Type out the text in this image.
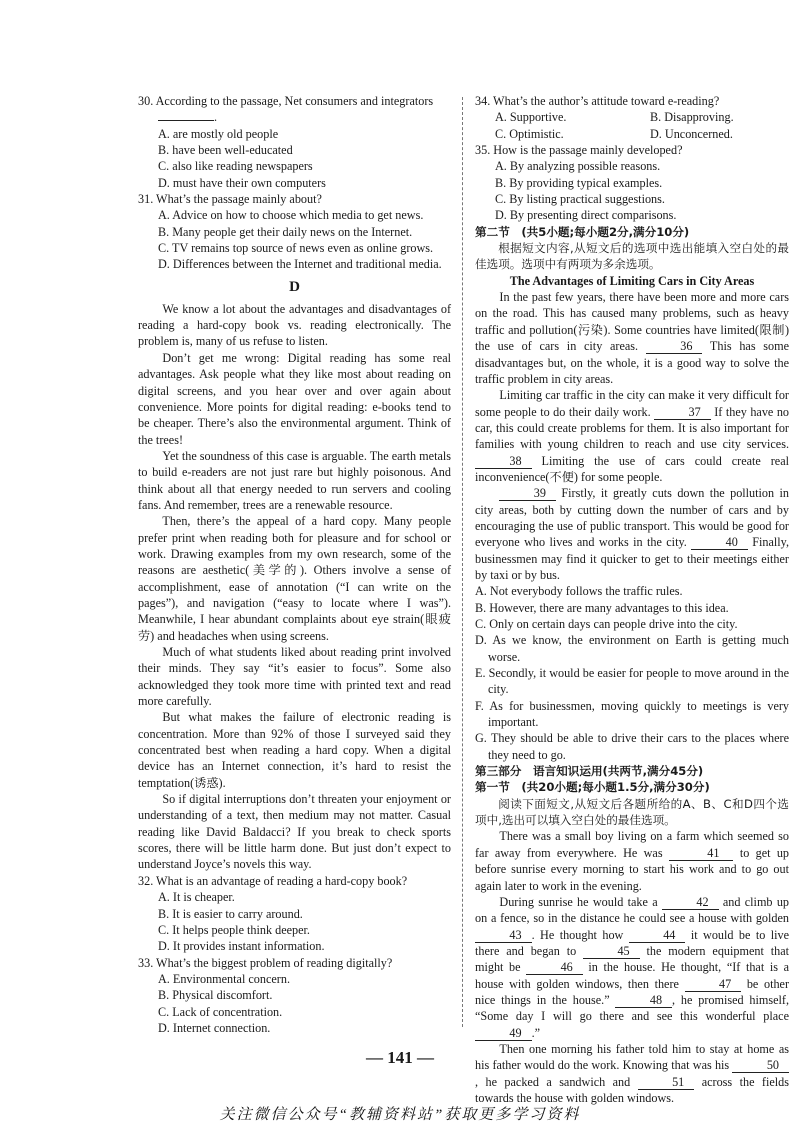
30. According to the passage, Net consumers and integrators

.

A. are mostly old people

B. have been well-educated

C. also like reading newspapers

D. must have their own computers

31. What’s the passage mainly about?

A. Advice on how to choose which media to get news.

B. Many people get their daily news on the Internet.

C. TV remains top source of news even as online grows.

D. Differences between the Internet and traditional media.

D

We know a lot about the advantages and disadvantages of reading a hard-copy book vs. reading electronically. The problem is, many of us refuse to listen.

Don’t get me wrong: Digital reading has some real advantages. Ask people what they like most about reading on digital screens, and you hear over and over again about convenience. More points for digital reading: e-books tend to be cheaper. There’s also the environmental argument. Think of the trees!

Yet the soundness of this case is arguable. The earth metals to build e-readers are not just rare but highly poisonous. And think about all that energy needed to run servers and cooling fans. And remember, trees are a renewable resource.

Then, there’s the appeal of a hard copy. Many people prefer print when reading both for pleasure and for school or work. Drawing examples from my own research, some of the reasons are aesthetic(美学的). Others involve a sense of accomplishment, ease of annotation (“I can write on the pages”), and navigation (“easy to locate where I was”). Meanwhile, I hear abundant complaints about eye strain(眼疲劳) and headaches when using screens.

Much of what students liked about reading print involved their minds. They say “it’s easier to focus”. Some also acknowledged they took more time with printed text and read more carefully.

But what makes the failure of electronic reading is concentration. More than 92% of those I surveyed said they concentrated best when reading a hard copy. When a digital device has an Internet connection, it’s hard to resist the temptation(诱惑).

So if digital interruptions don’t threaten your enjoyment or understanding of a text, then medium may not matter. Casual reading like David Baldacci? If you break to check sports scores, there will be little harm done. But just don’t expect to understand Joyce’s novels this way.

32. What is an advantage of reading a hard-copy book?

A. It is cheaper.

B. It is easier to carry around.

C. It helps people think deeper.

D. It provides instant information.

33. What’s the biggest problem of reading digitally?

A. Environmental concern.

B. Physical discomfort.

C. Lack of concentration.

D. Internet connection.

34. What’s the author’s attitude toward e-reading?

A. Supportive.	B. Disapproving.
C. Optimistic.	D. Unconcerned.

35. How is the passage mainly developed?

A. By analyzing possible reasons.

B. By providing typical examples.

C. By listing practical suggestions.

D. By presenting direct comparisons.

第二节　(共5小题;每小题2分,满分10分)

根据短文内容,从短文后的选项中选出能填入空白处的最佳选项。选项中有两项为多余选项。

The Advantages of Limiting Cars in City Areas

In the past few years, there have been more and more cars on the road. This has caused many problems, such as heavy traffic and pollution(污染). Some countries have limited(限制) the use of cars in city areas.	36 This has some disadvantages but, on the whole, it is a good way to solve the traffic problem in city areas.

Limiting car traffic in the city can make it very difficult for some people to do their daily work.	37 If they have no car, this could create problems for them. It is also important for families with young children to reach and use city services. 38 Limiting the use of cars could create real inconvenience(不便) for some people.

39 Firstly, it greatly cuts down the pollution in city areas, both by cutting down the number of cars and by encouraging the use of public transport. This would be good for everyone who lives and works in the city.	40 Finally, businessmen may find it quicker to get to their meetings either by taxi or by bus.

A. Not everybody follows the traffic rules.

B. However, there are many advantages to this idea.

C. Only on certain days can people drive into the city.

D. As we know, the environment on Earth is getting much worse.

E. Secondly, it would be easier for people to move around in the city.

F. As for businessmen, moving quickly to meetings is very important.

G. They should be able to drive their cars to the places where they need to go.

第三部分　语言知识运用(共两节,满分45分)

第一节　(共20小题;每小题1.5分,满分30分)

阅读下面短文,从短文后各题所给的A、B、C和D四个选项中,选出可以填入空白处的最佳选项。

There was a small boy living on a farm which seemed so far away from everywhere. He was	41 to get up before sunrise every morning to start his work and to go out again later to work in the evening.

During sunrise he would take a	42 and climb up on a fence, so in the distance he could see a house with golden 43 . He thought how	44 it would be to live there and began to	45 the modern equipment that might be	46 in the house. He thought, “If that is a house with golden windows, then there	47 be other nice things in the house.”	48 , he promised himself, “Some day I will go there and see this wonderful place 49 .”

Then one morning his father told him to stay at home as his father would do the work. Knowing that was his	50, he packed a sandwich and	51 across the fields towards the house with golden windows.

— 141 —
关注微信公众号“教辅资料站”获取更多学习资料
